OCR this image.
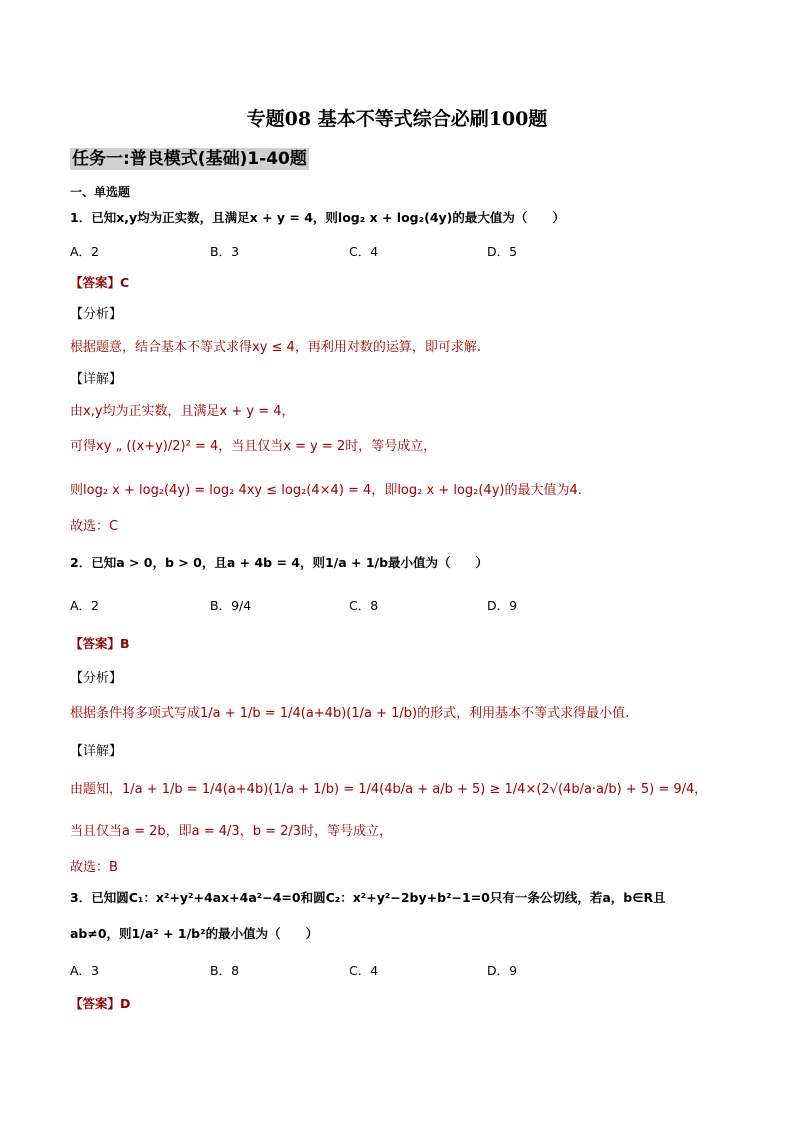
专题08 基本不等式综合必刷100题
任务一:普良模式(基础)1-40题
一、单选题
1．已知x,y均为正实数，且满足x + y = 4，则log₂ x + log₂(4y)的最大值为（　　）
A．2	B．3	C．4	D．5
【答案】C
【分析】
根据题意，结合基本不等式求得xy ≤ 4，再利用对数的运算，即可求解.
【详解】
由x,y均为正实数，且满足x + y = 4，
可得xy „ ((x+y)/2)² = 4，当且仅当x = y = 2时，等号成立，
则log₂ x + log₂(4y) = log₂ 4xy ≤ log₂(4×4) = 4，即log₂ x + log₂(4y)的最大值为4.
故选：C
2．已知a > 0，b > 0，且a + 4b = 4，则1/a + 1/b最小值为（　　）
A．2	B．9/4	C．8	D．9
【答案】B
【分析】
根据条件将多项式写成1/a + 1/b = 1/4(a+4b)(1/a + 1/b)的形式，利用基本不等式求得最小值.
【详解】
由题知，1/a + 1/b = 1/4(a+4b)(1/a + 1/b) = 1/4(4b/a + a/b + 5) ≥ 1/4×(2√(4b/a·a/b) + 5) = 9/4，
当且仅当a = 2b，即a = 4/3，b = 2/3时，等号成立，
故选：B
3．已知圆C₁：x²+y²+4ax+4a²−4=0和圆C₂：x²+y²−2by+b²−1=0只有一条公切线，若a，b∈R且
ab≠0，则1/a² + 1/b²的最小值为（　　）
A．3	B．8	C．4	D．9
【答案】D
